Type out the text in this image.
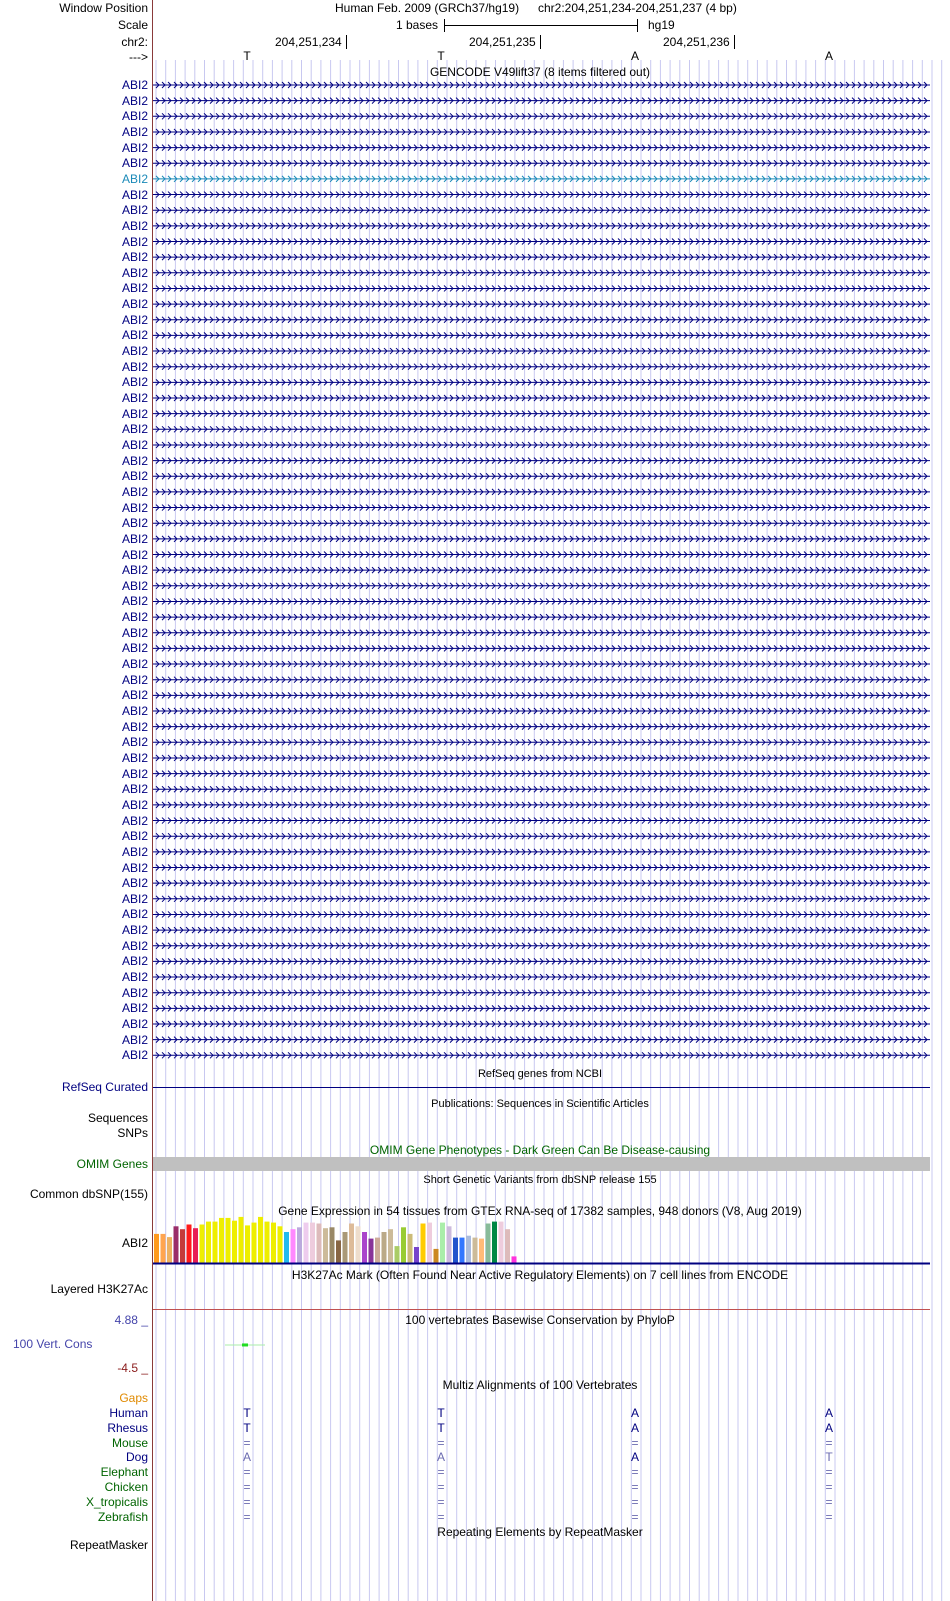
Window Position
Scale
chr2:
--->
Human Feb. 2009 (GRCh37/hg19) chr2:204,251,234-204,251,237 (4 bp)
1 bases	hg19
204,251,234	204,251,235	204,251,236
T	T	A	A
GENCODE V49lift37 (8 items filtered out)
ABI2
ABI2
ABI2
ABI2
ABI2
ABI2
ABI2
ABI2
ABI2
ABI2
ABI2
ABI2
ABI2
ABI2
ABI2
ABI2
ABI2
ABI2
ABI2
ABI2
ABI2
ABI2
ABI2
ABI2
ABI2
ABI2
ABI2
ABI2
ABI2
ABI2
ABI2
ABI2
ABI2
ABI2
ABI2
ABI2
ABI2
ABI2
ABI2
ABI2
ABI2
ABI2
ABI2
ABI2
ABI2
ABI2
ABI2
ABI2
ABI2
ABI2
ABI2
ABI2
ABI2
ABI2
ABI2
ABI2
ABI2
ABI2
ABI2
ABI2
ABI2
ABI2
ABI2
RefSeq genes from NCBI
RefSeq Curated
Publications: Sequences in Scientific Articles
Sequences
SNPs
OMIM Gene Phenotypes - Dark Green Can Be Disease-causing
OMIM Genes
Short Genetic Variants from dbSNP release 155
Common dbSNP(155)
Gene Expression in 54 tissues from GTEx RNA-seq of 17382 samples, 948 donors (V8, Aug 2019)
ABI2
H3K27Ac Mark (Often Found Near Active Regulatory Elements) on 7 cell lines from ENCODE
Layered H3K27Ac
100 vertebrates Basewise Conservation by PhyloP
4.88 _
100 Vert. Cons
-4.5 _
Multiz Alignments of 100 Vertebrates
Gaps
Human	T	T	A	A
Rhesus	T	T	A	A
Mouse	=	=	=	=
Dog	A	A	A	T
Elephant	=	=	=	=
Chicken	=	=	=	=
X_tropicalis	=	=	=	=
Zebrafish	=	=	=	=
Repeating Elements by RepeatMasker
RepeatMasker
